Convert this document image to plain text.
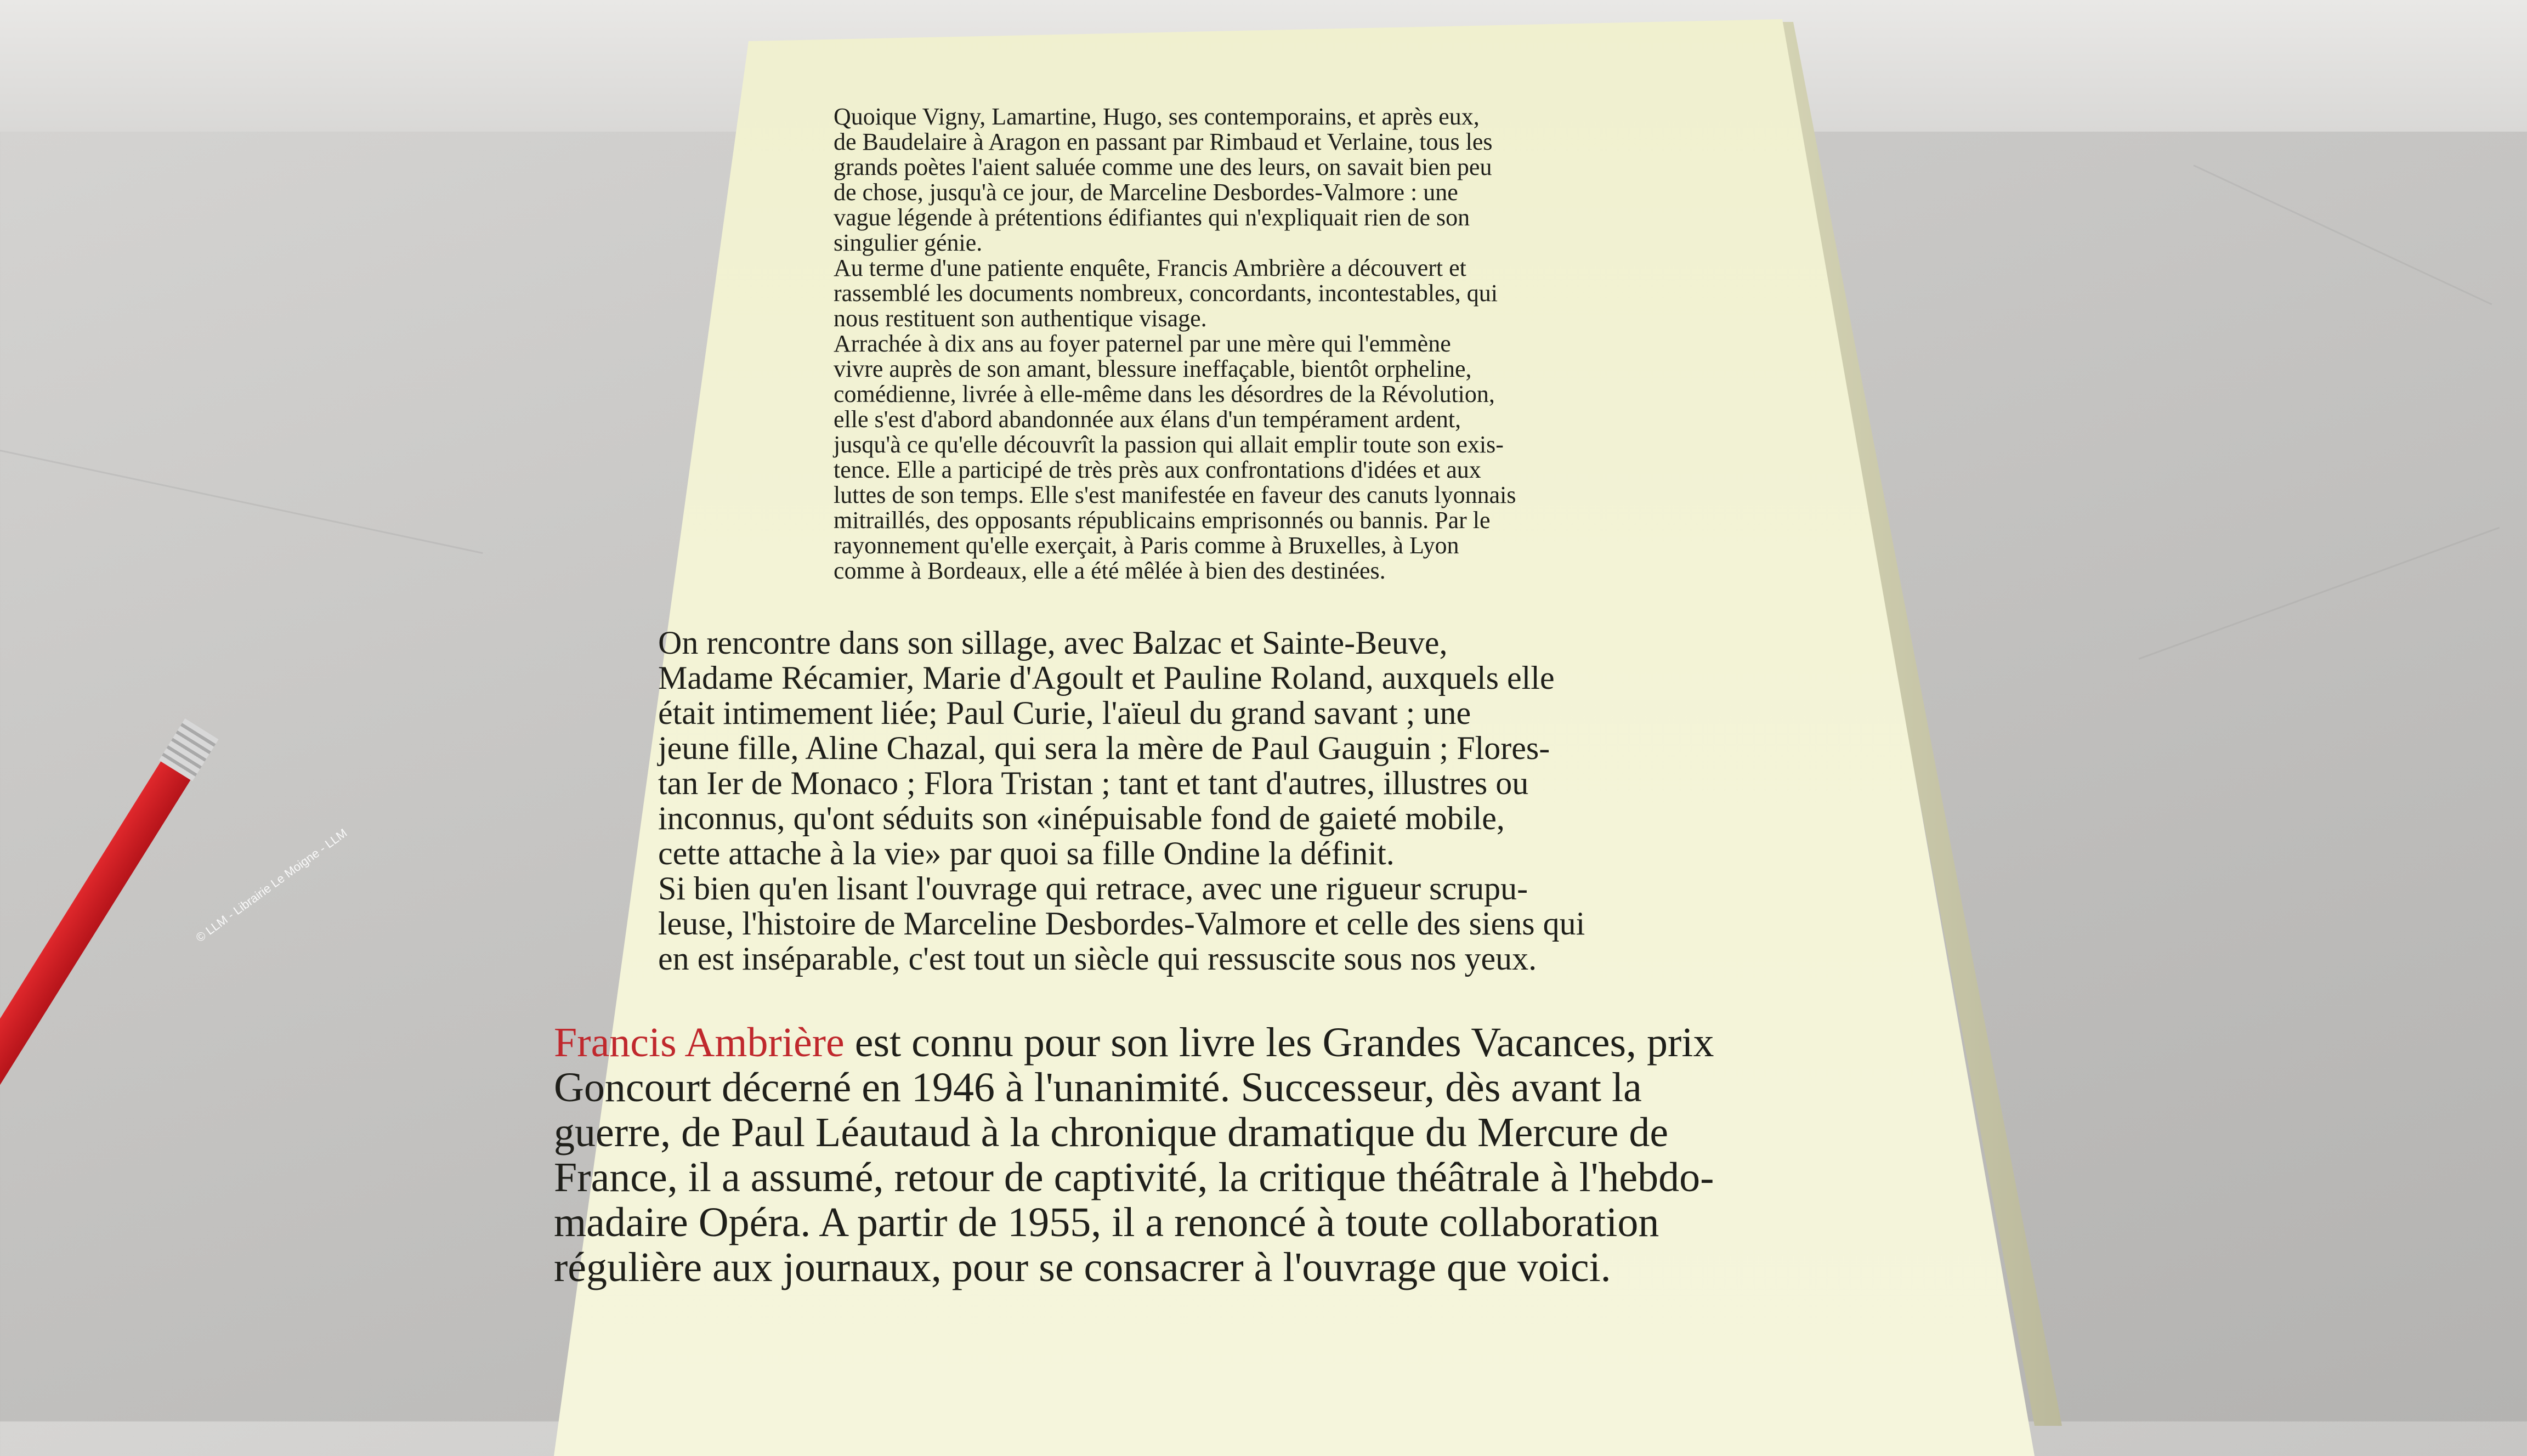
Quoique Vigny, Lamartine, Hugo, ses contemporains, et après eux,
de Baudelaire à Aragon en passant par Rimbaud et Verlaine, tous les
grands poètes l'aient saluée comme une des leurs, on savait bien peu
de chose, jusqu'à ce jour, de Marceline Desbordes-Valmore : une
vague légende à prétentions édifiantes qui n'expliquait rien de son
singulier génie.
Au terme d'une patiente enquête, Francis Ambrière a découvert et
rassemblé les documents nombreux, concordants, incontestables, qui
nous restituent son authentique visage.
Arrachée à dix ans au foyer paternel par une mère qui l'emmène
vivre auprès de son amant, blessure ineffaçable, bientôt orpheline,
comédienne, livrée à elle-même dans les désordres de la Révolution,
elle s'est d'abord abandonnée aux élans d'un tempérament ardent,
jusqu'à ce qu'elle découvrît la passion qui allait emplir toute son exis-
tence. Elle a participé de très près aux confrontations d'idées et aux
luttes de son temps. Elle s'est manifestée en faveur des canuts lyonnais
mitraillés, des opposants républicains emprisonnés ou bannis. Par le
rayonnement qu'elle exerçait, à Paris comme à Bruxelles, à Lyon
comme à Bordeaux, elle a été mêlée à bien des destinées.
On rencontre dans son sillage, avec Balzac et Sainte-Beuve,
Madame Récamier, Marie d'Agoult et Pauline Roland, auxquels elle
était intimement liée; Paul Curie, l'aïeul du grand savant ; une
jeune fille, Aline Chazal, qui sera la mère de Paul Gauguin ; Flores-
tan Ier de Monaco ; Flora Tristan ; tant et tant d'autres, illustres ou
inconnus, qu'ont séduits son «inépuisable fond de gaieté mobile,
cette attache à la vie» par quoi sa fille Ondine la définit.
Si bien qu'en lisant l'ouvrage qui retrace, avec une rigueur scrupu-
leuse, l'histoire de Marceline Desbordes-Valmore et celle des siens qui
en est inséparable, c'est tout un siècle qui ressuscite sous nos yeux.
Francis Ambrière est connu pour son livre les Grandes Vacances, prix
Goncourt décerné en 1946 à l'unanimité. Successeur, dès avant la
guerre, de Paul Léautaud à la chronique dramatique du Mercure de
France, il a assumé, retour de captivité, la critique théâtrale à l'hebdo-
madaire Opéra. A partir de 1955, il a renoncé à toute collaboration
régulière aux journaux, pour se consacrer à l'ouvrage que voici.
© LLM - Librairie Le Moigne - LLM
